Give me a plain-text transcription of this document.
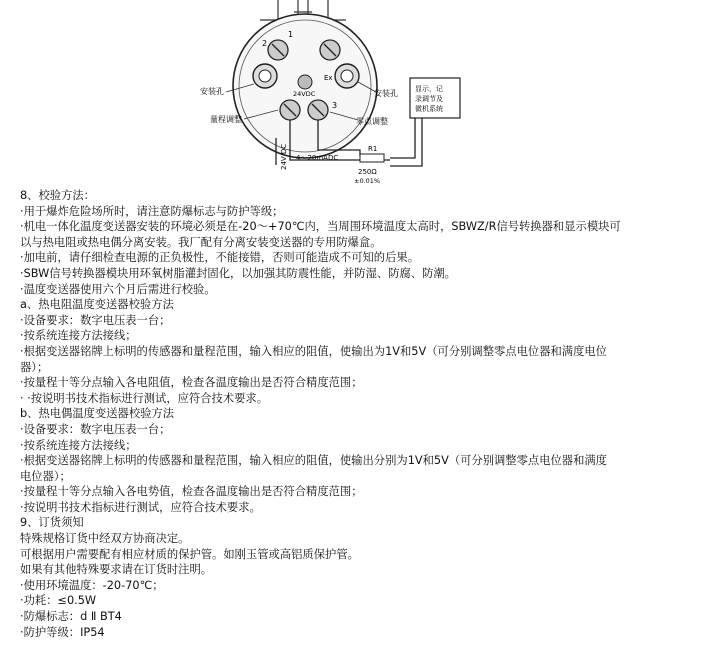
1
2
3
Ex
24VDC
安装孔	安装孔
量程调整	零点调整
24V DC 4～20mADC
R1
250Ω
±0.01%
显示，记
录调节及
微机系统
8、校验方法：
·用于爆炸危险场所时，请注意防爆标志与防护等级；
·机电一体化温度变送器安装的环境必须是在-20～+70℃内，当周围环境温度太高时，SBWZ/R信号转换器和显示模块可
以与热电阻或热电偶分离安装。我厂配有分离安装变送器的专用防爆盒。
·加电前，请仔细检查电源的正负极性，不能接错，否则可能造成不可知的后果。
·SBW信号转换器模块用环氧树脂灌封固化，以加强其防震性能，并防湿、防腐、防潮。
·温度变送器使用六个月后需进行校验。
a、热电阻温度变送器校验方法
·设备要求：数字电压表一台；
·按系统连接方法接线；
·根据变送器铭牌上标明的传感器和量程范围，输入相应的阻值，使输出为1V和5V（可分别调整零点电位器和满度电位
器）；
·按量程十等分点输入各电阻值，检查各温度输出是否符合精度范围；
· ·按说明书技术指标进行测试，应符合技术要求。
b、热电偶温度变送器校验方法
·设备要求：数字电压表一台；
·按系统连接方法接线；
·根据变送器铭牌上标明的传感器和量程范围，输入相应的阻值，使输出分别为1V和5V（可分别调整零点电位器和满度
电位器）；
·按量程十等分点输入各电势值，检查各温度输出是否符合精度范围；
·按说明书技术指标进行测试，应符合技术要求。
9、订货须知
特殊规格订货中经双方协商决定。
可根据用户需要配有相应材质的保护管。如刚玉管或高铝质保护管。
如果有其他特殊要求请在订货时注明。
·使用环境温度：-20-70℃；
·功耗：≤0.5W
·防爆标志：d Ⅱ BT4
·防护等级：IP54
